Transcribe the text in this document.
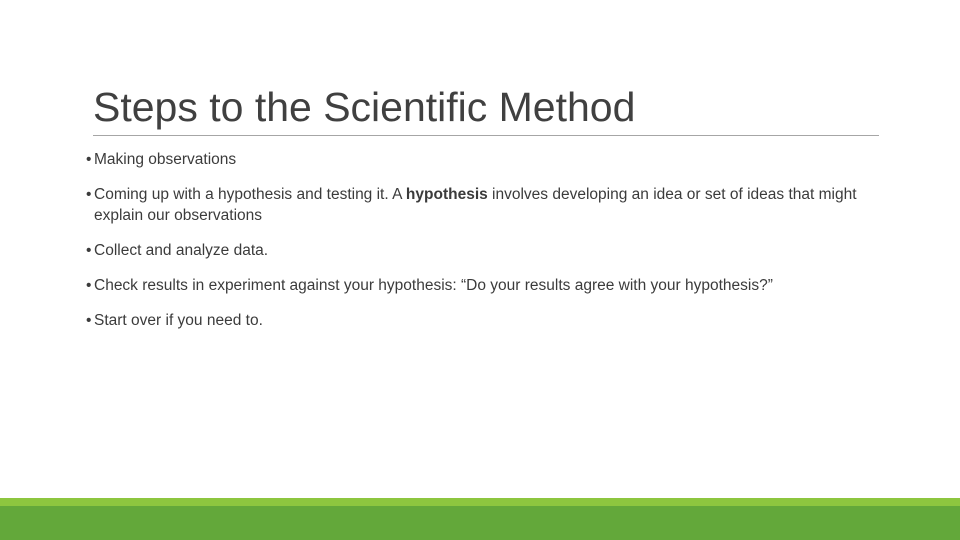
Steps to the Scientific Method
• Making observations
• Coming up with a hypothesis and testing it. A hypothesis involves developing an idea or set of ideas that might explain our observations
• Collect and analyze data.
• Check results in experiment against your hypothesis: “Do your results agree with your hypothesis?”
• Start over if you need to.
